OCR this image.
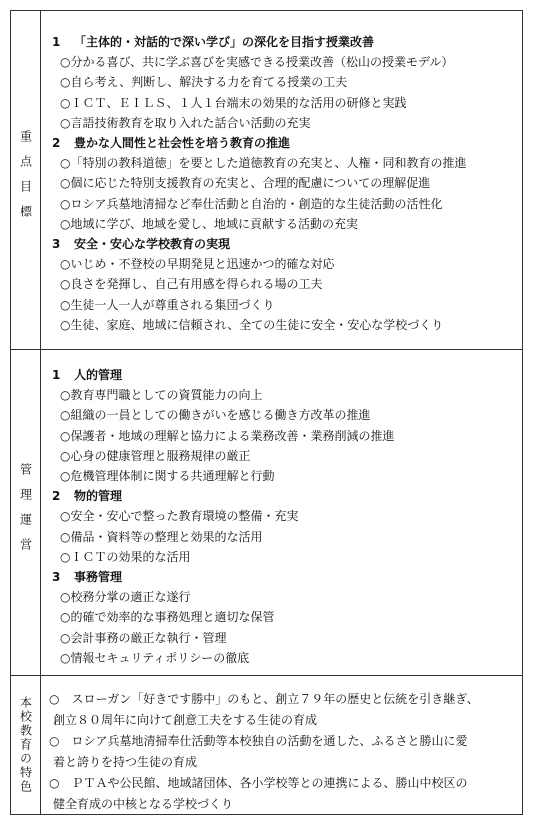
重点目標
1 「主体的・対話的で深い学び」の深化を目指す授業改善
○分かる喜び、共に学ぶ喜びを実感できる授業改善（松山の授業モデル）
○自ら考え、判断し、解決する力を育てる授業の工夫
○ＩＣＴ、ＥＩＬＳ、１人１台端末の効果的な活用の研修と実践
○言語技術教育を取り入れた話合い活動の充実
2 豊かな人間性と社会性を培う教育の推進
○「特別の教科道徳」を要とした道徳教育の充実と、人権・同和教育の推進
○個に応じた特別支援教育の充実と、合理的配慮についての理解促進
○ロシア兵墓地清掃など奉仕活動と自治的・創造的な生徒活動の活性化
○地域に学び、地域を愛し、地域に貢献する活動の充実
3 安全・安心な学校教育の実現
○いじめ・不登校の早期発見と迅速かつ的確な対応
○良さを発揮し、自己有用感を得られる場の工夫
○生徒一人一人が尊重される集団づくり
○生徒、家庭、地域に信頼され、全ての生徒に安全・安心な学校づくり
管理運営
1 人的管理
○教育専門職としての資質能力の向上
○組織の一員としての働きがいを感じる働き方改革の推進
○保護者・地域の理解と協力による業務改善・業務削減の推進
○心身の健康管理と服務規律の厳正
○危機管理体制に関する共通理解と行動
2 物的管理
○安全・安心で整った教育環境の整備・充実
○備品・資料等の整理と効果的な活用
○ＩＣＴの効果的な活用
3 事務管理
○校務分掌の適正な遂行
○的確で効率的な事務処理と適切な保管
○会計事務の厳正な執行・管理
○情報セキュリティポリシーの徹底
本校教育の特色 ○　スローガン「好きです勝中」のもと、創立７９年の歴史と伝統を引き継ぎ、
創立８０周年に向けて創意工夫をする生徒の育成
○　ロシア兵墓地清掃奉仕活動等本校独自の活動を通した、ふるさと勝山に愛
着と誇りを持つ生徒の育成
○　ＰＴＡや公民館、地域諸団体、各小学校等との連携による、勝山中校区の
健全育成の中核となる学校づくり
